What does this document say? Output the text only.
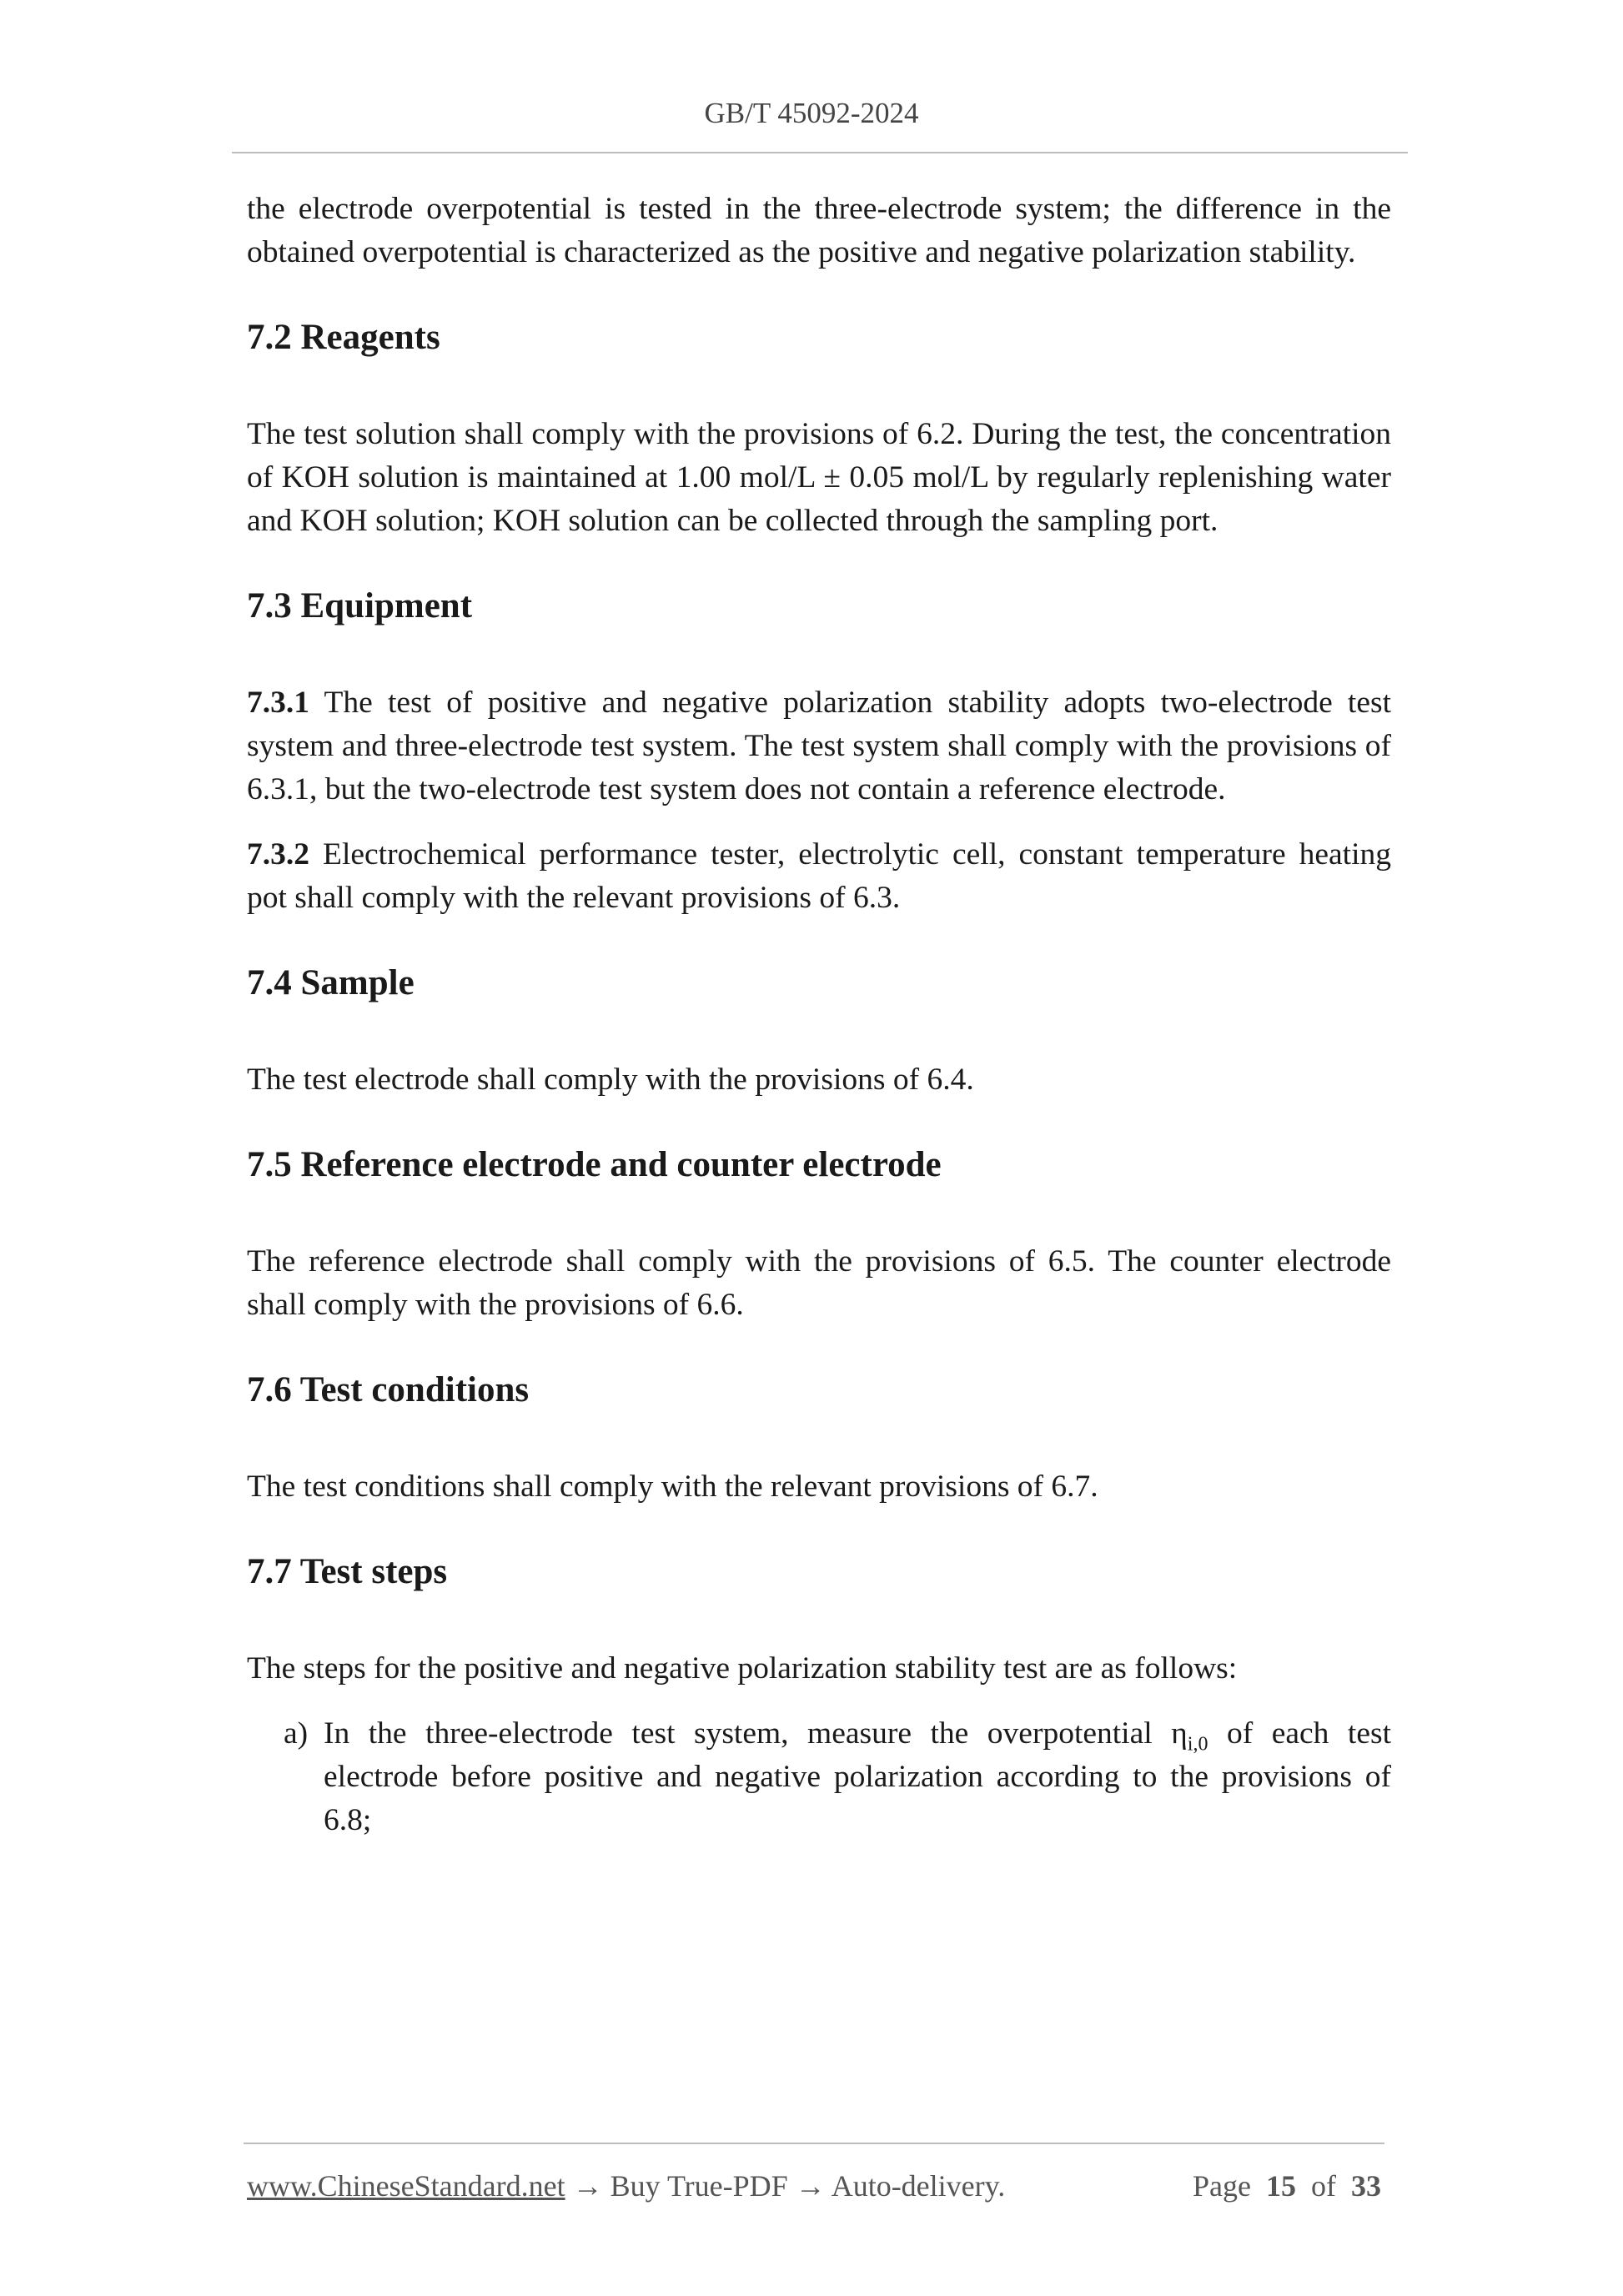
GB/T 45092-2024

the electrode overpotential is tested in the three-electrode system; the difference in the obtained overpotential is characterized as the positive and negative polarization stability.

7.2 Reagents

The test solution shall comply with the provisions of 6.2. During the test, the concentration of KOH solution is maintained at 1.00 mol/L ± 0.05 mol/L by regularly replenishing water and KOH solution; KOH solution can be collected through the sampling port.

7.3 Equipment

7.3.1 The test of positive and negative polarization stability adopts two-electrode test system and three-electrode test system. The test system shall comply with the provisions of 6.3.1, but the two-electrode test system does not contain a reference electrode.

7.3.2 Electrochemical performance tester, electrolytic cell, constant temperature heating pot shall comply with the relevant provisions of 6.3.

7.4 Sample

The test electrode shall comply with the provisions of 6.4.

7.5 Reference electrode and counter electrode

The reference electrode shall comply with the provisions of 6.5. The counter electrode shall comply with the provisions of 6.6.

7.6 Test conditions

The test conditions shall comply with the relevant provisions of 6.7.

7.7 Test steps

The steps for the positive and negative polarization stability test are as follows:

a) In the three-electrode test system, measure the overpotential $\eta_{i,0}$ of each test electrode before positive and negative polarization according to the provisions of 6.8;

www.ChineseStandard.net → Buy True-PDF → Auto-delivery.	Page 15 of 33
